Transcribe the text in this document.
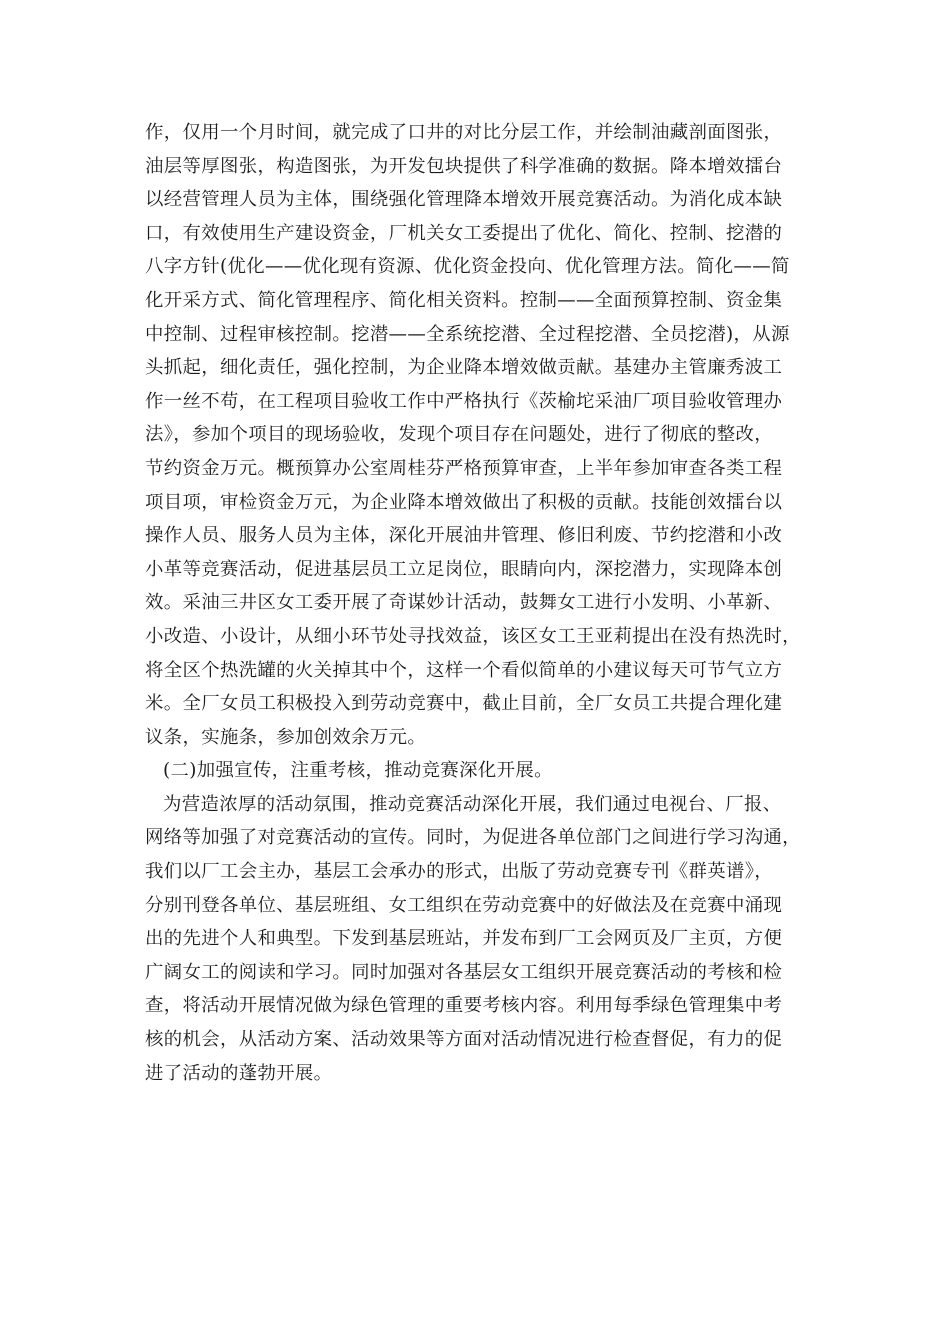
作，仅用一个月时间，就完成了口井的对比分层工作，并绘制油藏剖面图张，
油层等厚图张，构造图张，为开发包块提供了科学准确的数据。降本增效擂台
以经营管理人员为主体，围绕强化管理降本增效开展竞赛活动。为消化成本缺
口，有效使用生产建设资金，厂机关女工委提出了优化、简化、控制、挖潜的
八字方针(优化——优化现有资源、优化资金投向、优化管理方法。简化——简
化开采方式、简化管理程序、简化相关资料。控制——全面预算控制、资金集
中控制、过程审核控制。挖潜——全系统挖潜、全过程挖潜、全员挖潜)，从源
头抓起，细化责任，强化控制，为企业降本增效做贡献。基建办主管廉秀波工
作一丝不苟，在工程项目验收工作中严格执行《茨榆坨采油厂项目验收管理办
法》，参加个项目的现场验收，发现个项目存在问题处，进行了彻底的整改，
节约资金万元。概预算办公室周桂芬严格预算审查，上半年参加审查各类工程
项目项，审检资金万元，为企业降本增效做出了积极的贡献。技能创效擂台以
操作人员、服务人员为主体，深化开展油井管理、修旧利废、节约挖潜和小改
小革等竞赛活动，促进基层员工立足岗位，眼睛向内，深挖潜力，实现降本创
效。采油三井区女工委开展了奇谋妙计活动，鼓舞女工进行小发明、小革新、
小改造、小设计，从细小环节处寻找效益，该区女工王亚莉提出在没有热洗时，
将全区个热洗罐的火关掉其中个，这样一个看似简单的小建议每天可节气立方
米。全厂女员工积极投入到劳动竞赛中，截止目前，全厂女员工共提合理化建
议条，实施条，参加创效余万元。
(二)加强宣传，注重考核，推动竞赛深化开展。
为营造浓厚的活动氛围，推动竞赛活动深化开展，我们通过电视台、厂报、
网络等加强了对竞赛活动的宣传。同时，为促进各单位部门之间进行学习沟通，
我们以厂工会主办，基层工会承办的形式，出版了劳动竞赛专刊《群英谱》，
分别刊登各单位、基层班组、女工组织在劳动竞赛中的好做法及在竞赛中涌现
出的先进个人和典型。下发到基层班站，并发布到厂工会网页及厂主页，方便
广阔女工的阅读和学习。同时加强对各基层女工组织开展竞赛活动的考核和检
查，将活动开展情况做为绿色管理的重要考核内容。利用每季绿色管理集中考
核的机会，从活动方案、活动效果等方面对活动情况进行检查督促，有力的促
进了活动的蓬勃开展。
